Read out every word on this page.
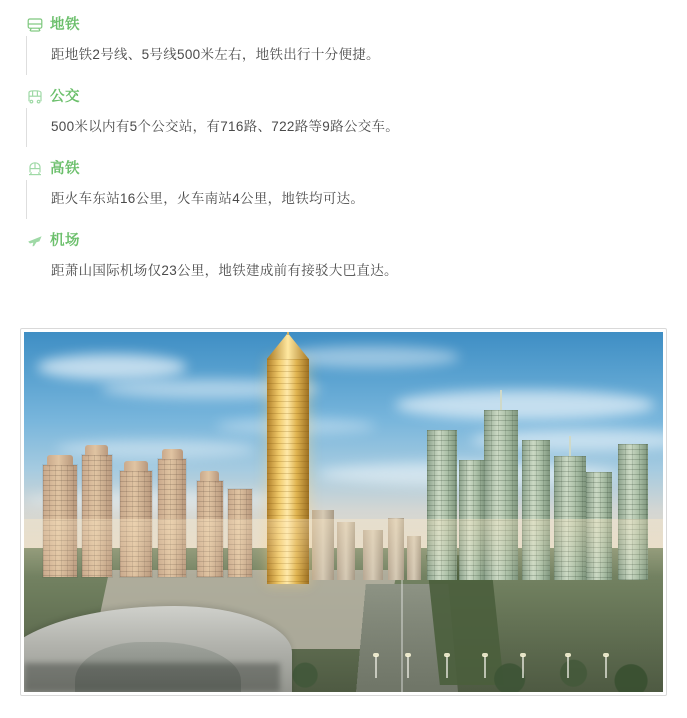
地铁
距地铁2号线、5号线500米左右，地铁出行十分便捷。
公交
500米以内有5个公交站，有716路、722路等9路公交车。
高铁
距火车东站16公里，火车南站4公里，地铁均可达。
机场
距萧山国际机场仅23公里，地铁建成前有接驳大巴直达。
